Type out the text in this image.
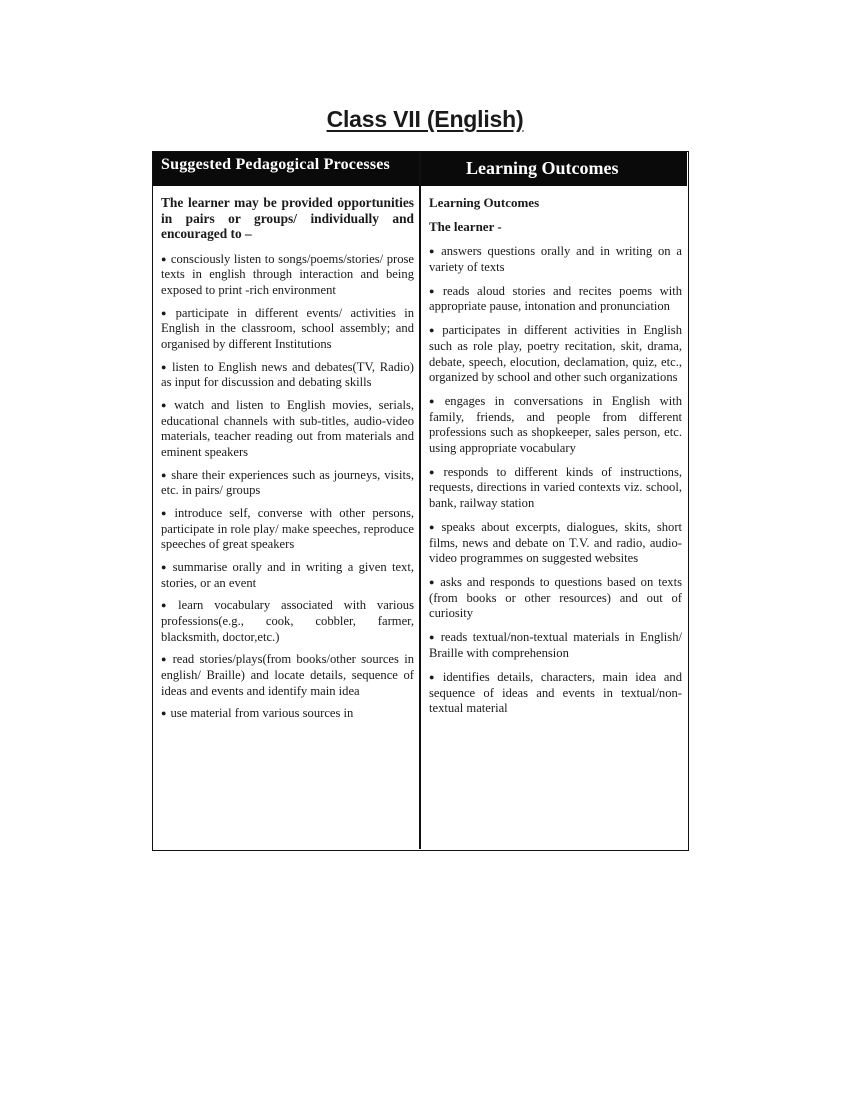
Class VII (English)
Suggested Pedagogical Processes	Learning Outcomes

The learner may be provided opportunities in pairs or groups/ individually and encouraged to –

● consciously listen to songs/poems/stories/ prose texts in english through interaction and being exposed to print -rich environment

● participate in different events/ activities in English in the classroom, school assembly; and organised by different Institutions

● listen to English news and debates(TV, Radio) as input for discussion and debating skills

● watch and listen to English movies, serials, educational channels with sub-titles, audio-video materials, teacher reading out from materials and eminent speakers

● share their experiences such as journeys, visits, etc. in pairs/ groups

● introduce self, converse with other persons, participate in role play/ make speeches, reproduce speeches of great speakers

● summarise orally and in writing a given text, stories, or an event

● learn vocabulary associated with various professions(e.g., cook, cobbler, farmer, blacksmith, doctor,etc.)

● read stories/plays(from books/other sources in english/ Braille) and locate details, sequence of ideas and events and identify main idea

● use material from various sources in

Learning Outcomes

The learner -

● answers questions orally and in writing on a variety of texts

● reads aloud stories and recites poems with appropriate pause, intonation and pronunciation

● participates in different activities in English such as role play, poetry recitation, skit, drama, debate, speech, elocution, declamation, quiz, etc., organized by school and other such organizations

● engages in conversations in English with family, friends, and people from different professions such as shopkeeper, sales person, etc. using appropriate vocabulary

● responds to different kinds of instructions, requests, directions in varied contexts viz. school, bank, railway station

● speaks about excerpts, dialogues, skits, short films, news and debate on T.V. and radio, audio-video programmes on suggested websites

● asks and responds to questions based on texts (from books or other resources) and out of curiosity

● reads textual/non-textual materials in English/ Braille with comprehension

● identifies details, characters, main idea and sequence of ideas and events in textual/non-textual material
